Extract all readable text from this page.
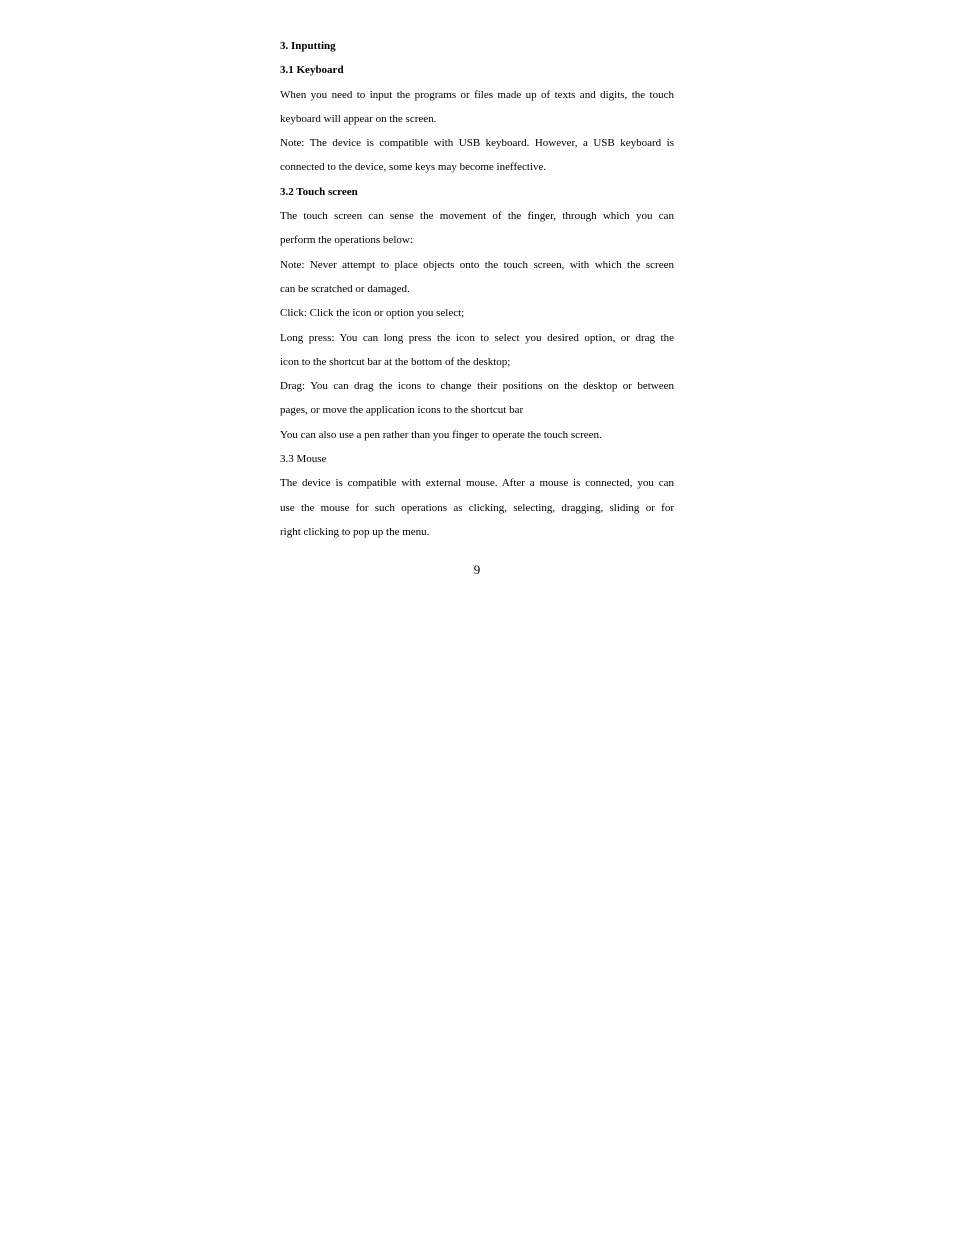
3. Inputting

3.1 Keyboard

When you need to input the programs or files made up of texts and digits, the touch

keyboard will appear on the screen.

Note: The device is compatible with USB keyboard. However, a USB keyboard is

connected to the device, some keys may become ineffective.

3.2 Touch screen

The touch screen can sense the movement of the finger, through which you can

perform the operations below:

Note: Never attempt to place objects onto the touch screen, with which the screen

can be scratched or damaged.

Click: Click the icon or option you select;

Long press: You can long press the icon to select you desired option, or drag the

icon to the shortcut bar at the bottom of the desktop;

Drag: You can drag the icons to change their positions on the desktop or between

pages, or move the application icons to the shortcut bar

You can also use a pen rather than you finger to operate the touch screen.

3.3 Mouse

The device is compatible with external mouse. After a mouse is connected, you can

use the mouse for such operations as clicking, selecting, dragging, sliding or for

right clicking to pop up the menu.

9
